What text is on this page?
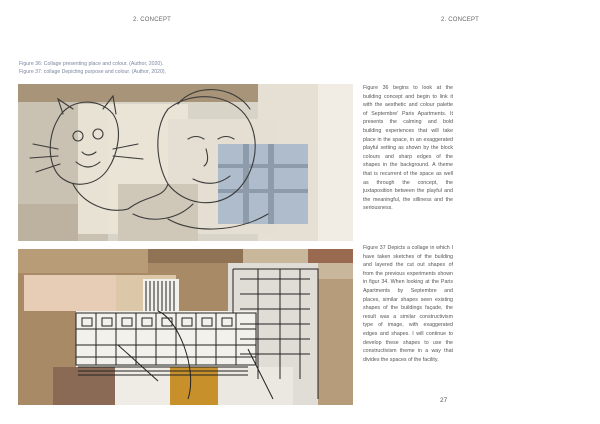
2. CONCEPT	2. CONCEPT
Figure 36: Collage presenting place and colour. (Author, 2020).
Figure 37: collage Depicting purpose and colour. (Author, 2020).
Figure 36 begins to look at the building concept and begin to link it with the aesthetic and colour palette of Septembre' Paris Apartments. It presents the calming and bold building experiences that will take place in the space, in an exaggerated playful setting as shown by the block colours and sharp edges of the shapes in the background. A theme that is recurrent of the space as well as through the concept, the juxtaposition between the playful and the meaningful, the silliness and the seriousness.
Figure 37 Depicts a collage in which I have taken sketches of the building and layered the cut out shapes of from the previous experiments shown in figur 34. When looking at the Paris Apartments by Septembre and places, similar shapes seen existing shapes of the buildings façade, the result was a similar constructivism type of image, with exaggerated edges and shapes. I will continue to develop these shapes to use the constructivism theme in a way that divides the spaces of the facility.
27
